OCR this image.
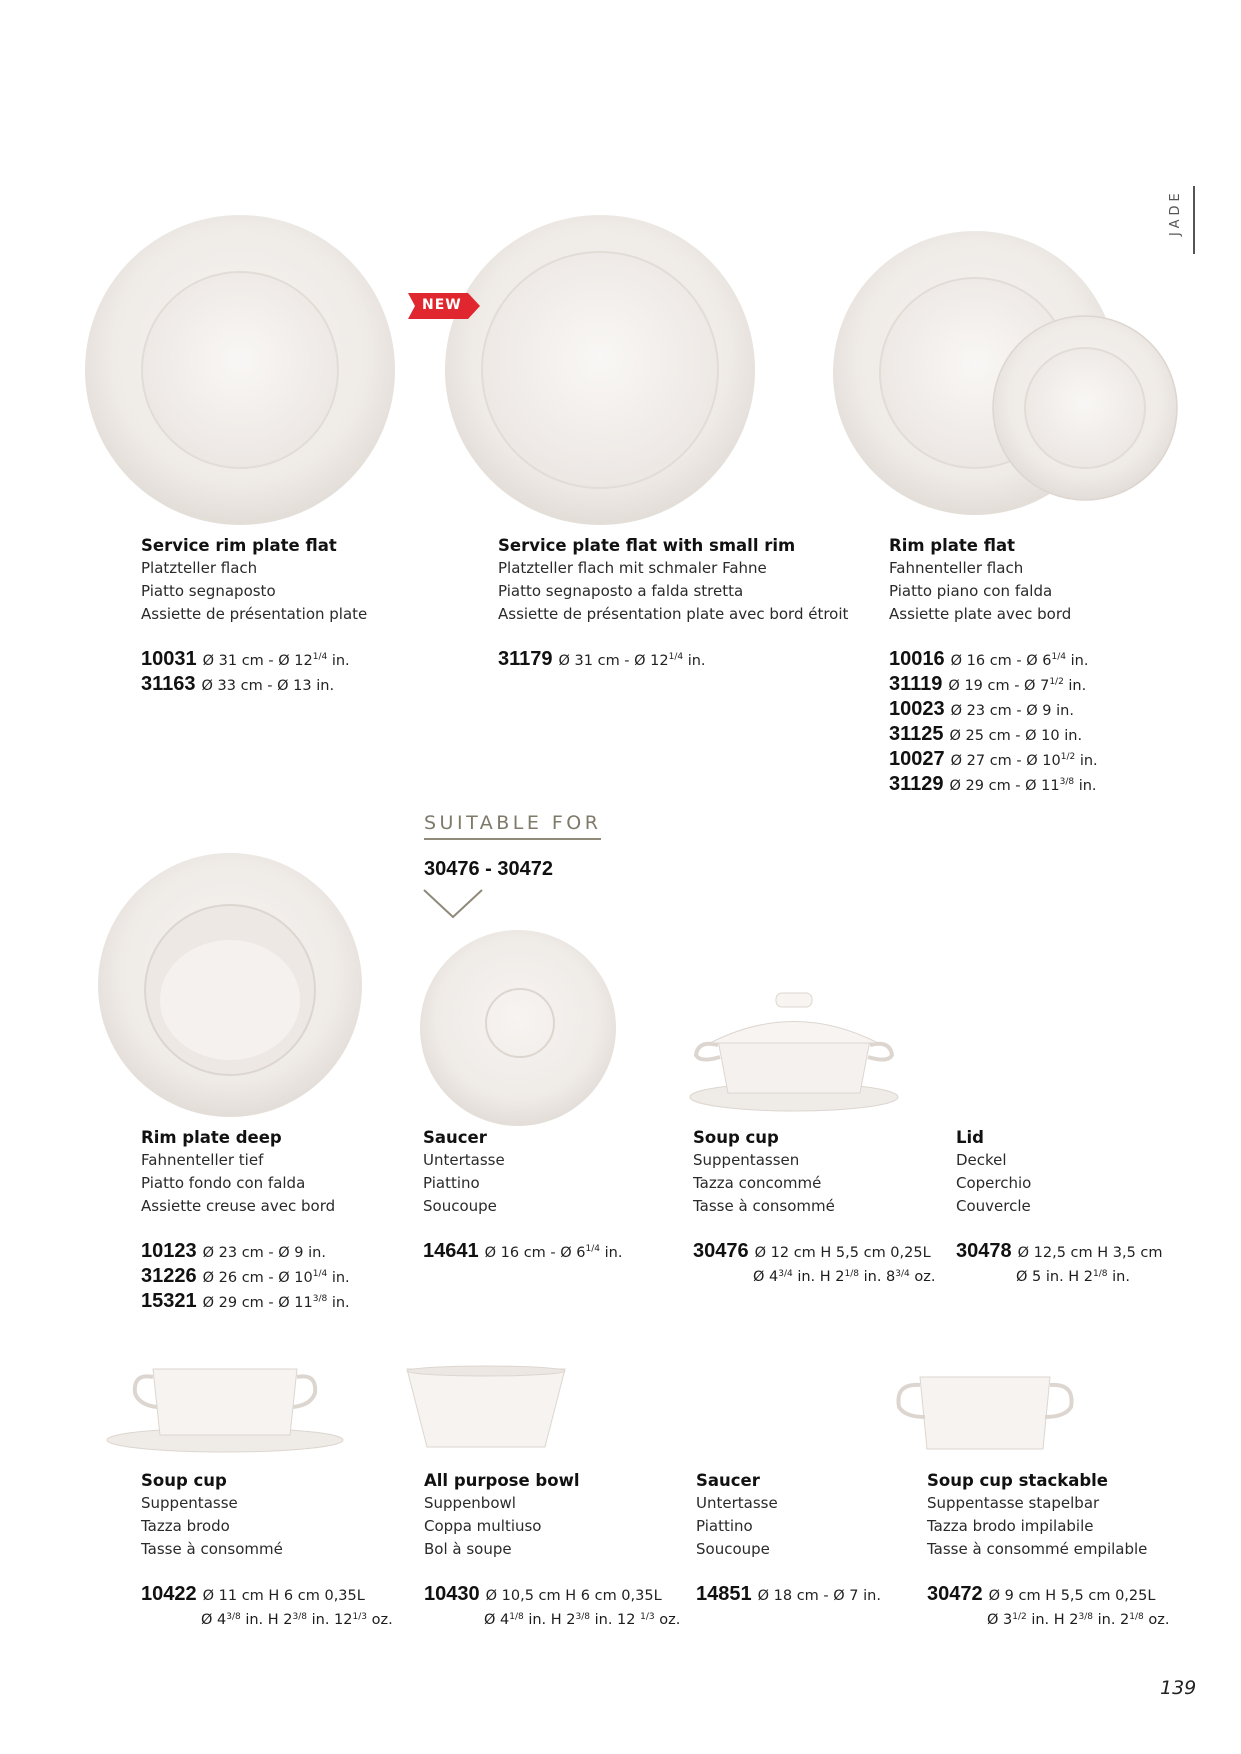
JADE
NEW
SUITABLE FOR
30476 - 30472
Service rim plate flat
Platzteller flach
Piatto segnaposto
Assiette de présentation plate
10031 Ø 31 cm - Ø $12^{1/4}$ in.
31163 Ø 33 cm - Ø 13 in.
Service plate flat with small rim
Platzteller flach mit schmaler Fahne
Piatto segnaposto a falda stretta
Assiette de présentation plate avec bord étroit
31179 Ø 31 cm - Ø $12^{1/4}$ in.
Rim plate flat
Fahnenteller flach
Piatto piano con falda
Assiette plate avec bord
10016 Ø 16 cm - Ø $6^{1/4}$ in.
31119 Ø 19 cm - Ø $7^{1/2}$ in.
10023 Ø 23 cm - Ø 9 in.
31125 Ø 25 cm - Ø 10 in.
10027 Ø 27 cm - Ø $10^{1/2}$ in.
31129 Ø 29 cm - Ø $11^{3/8}$ in.
Rim plate deep
Fahnenteller tief
Piatto fondo con falda
Assiette creuse avec bord
10123 Ø 23 cm - Ø 9 in.
31226 Ø 26 cm - Ø $10^{1/4}$ in.
15321 Ø 29 cm - Ø $11^{3/8}$ in.
Saucer
Untertasse
Piattino
Soucoupe
14641 Ø 16 cm - Ø $6^{1/4}$ in.
Soup cup
Suppentassen
Tazza concommé
Tasse à consommé
30476 Ø 12 cm H 5,5 cm 0,25L
Ø $4^{3/4}$ in. H $2^{1/8}$ in. $8^{3/4}$ oz.
Lid
Deckel
Coperchio
Couvercle
30478 Ø 12,5 cm H 3,5 cm
Ø 5 in. H $2^{1/8}$ in.
Soup cup
Suppentasse
Tazza brodo
Tasse à consommé
10422 Ø 11 cm H 6 cm 0,35L
Ø $4^{3/8}$ in. H $2^{3/8}$ in. $12^{1/3}$ oz.
All purpose bowl
Suppenbowl
Coppa multiuso
Bol à soupe
10430 Ø 10,5 cm H 6 cm 0,35L
Ø $4^{1/8}$ in. H $2^{3/8}$ in. 12 $^{1/3}$ oz.
Saucer
Untertasse
Piattino
Soucoupe
14851 Ø 18 cm - Ø 7 in.
Soup cup stackable
Suppentasse stapelbar
Tazza brodo impilabile
Tasse à consommé empilable
30472 Ø 9 cm H 5,5 cm 0,25L
Ø $3^{1/2}$ in. H $2^{3/8}$ in. $2^{1/8}$ oz.
139
